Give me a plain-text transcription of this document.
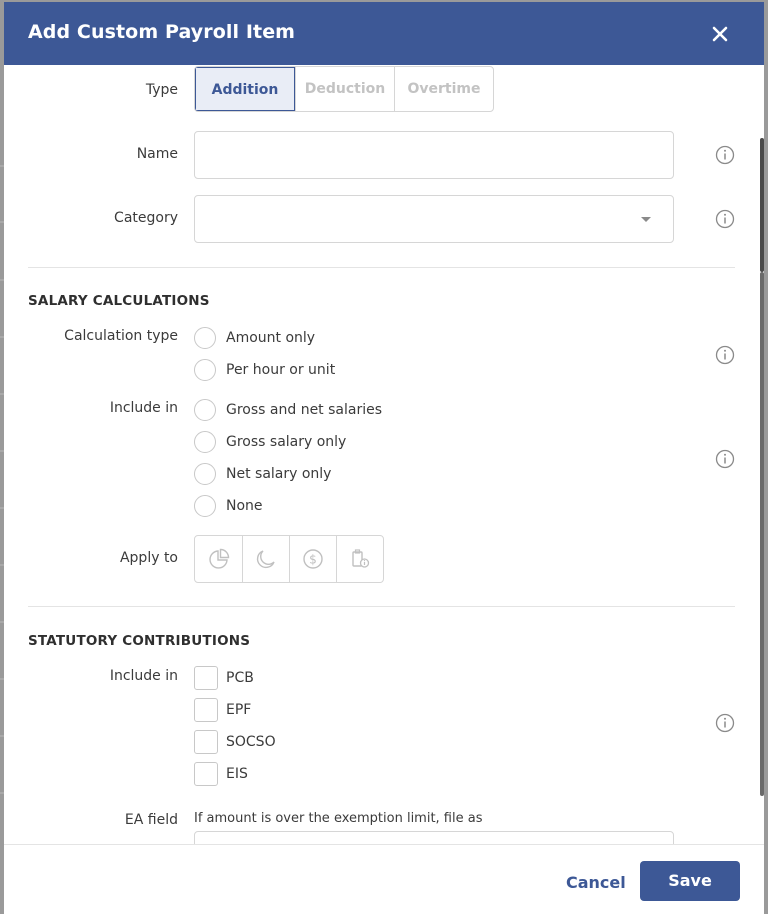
Add Custom Payroll Item
Type	Addition	Deduction	Overtime
Name
Category
SALARY CALCULATIONS
Calculation type	Amount only
Per hour or unit
Include in	Gross and net salaries
Gross salary only
Net salary only
None
Apply to	$
STATUTORY CONTRIBUTIONS
Include in	PCB
EPF
SOCSO
EIS
EA field If amount is over the exemption limit, file as
Cancel	Save
